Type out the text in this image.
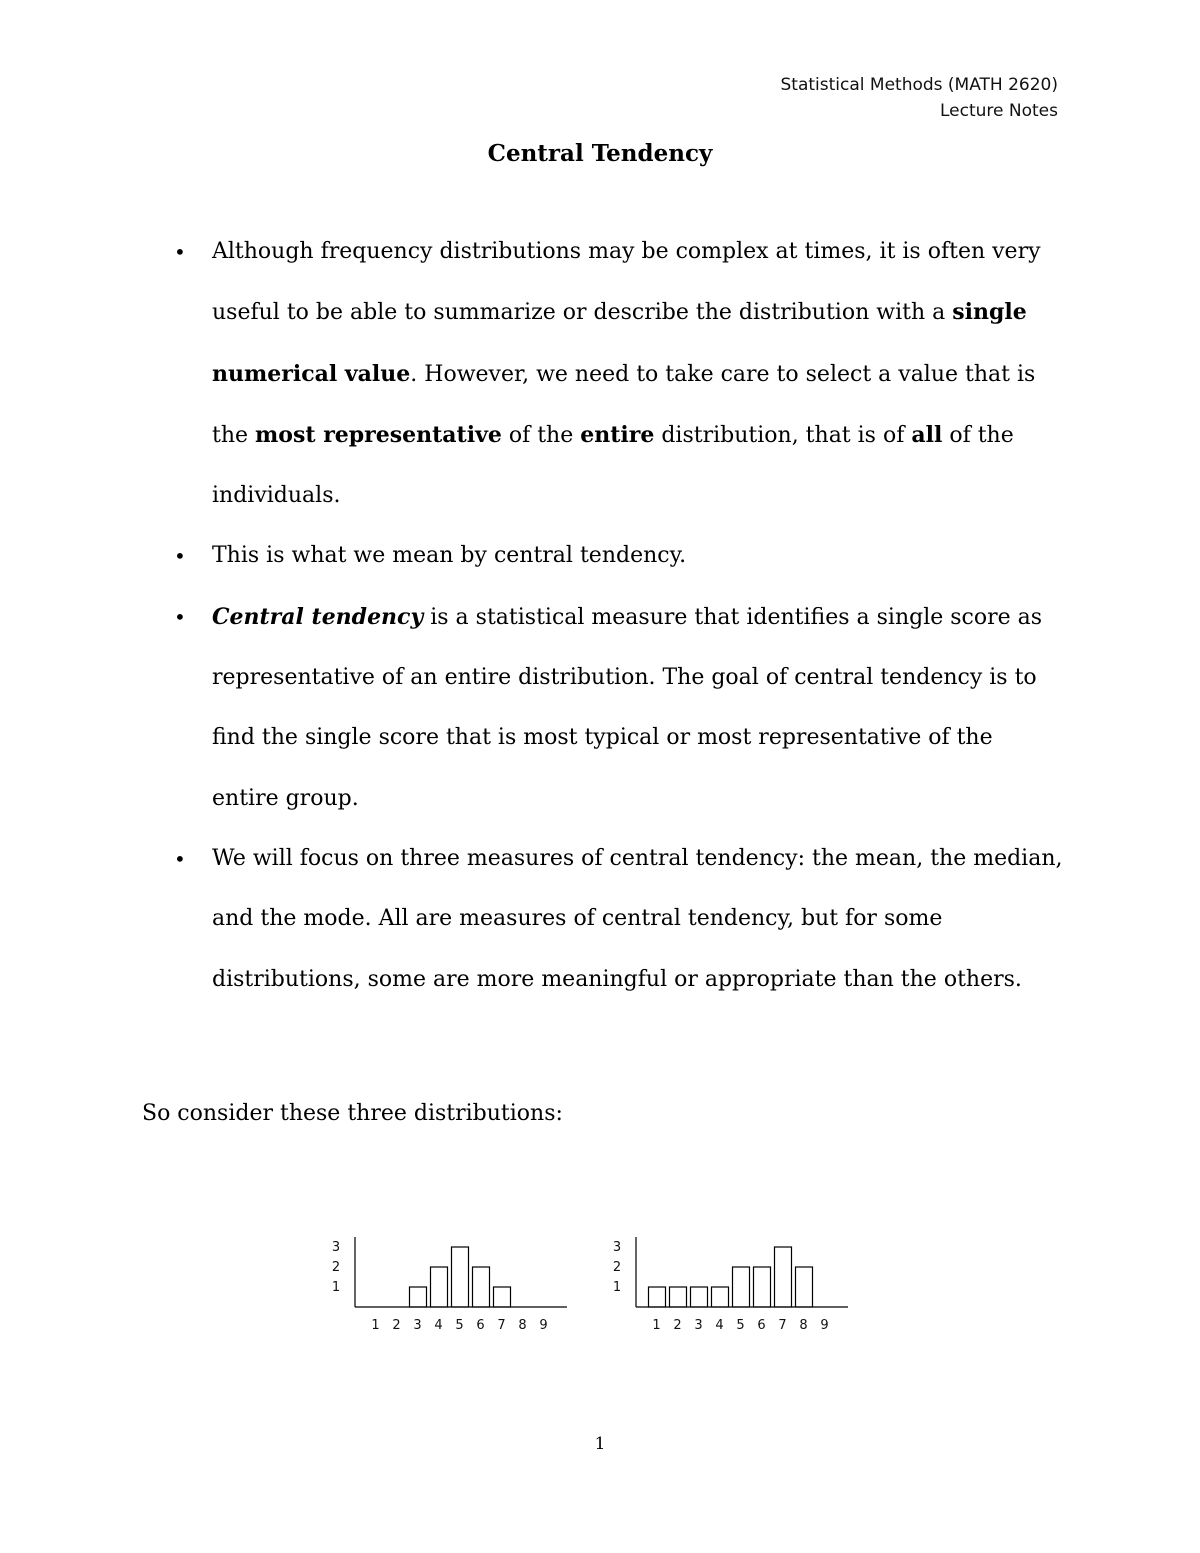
Statistical Methods (MATH 2620)
Lecture Notes
Central Tendency
• Although frequency distributions may be complex at times, it is often very useful to be able to summarize or describe the distribution with a single numerical value. However, we need to take care to select a value that is the most representative of the entire distribution, that is of all of the individuals.
• This is what we mean by central tendency.
• Central tendency is a statistical measure that identifies a single score as representative of an entire distribution. The goal of central tendency is to find the single score that is most typical or most representative of the entire group.
• We will focus on three measures of central tendency: the mean, the median, and the mode. All are measures of central tendency, but for some distributions, some are more meaningful or appropriate than the others.
So consider these three distributions:
1
2
3
1 2 3 4 5 6 7 8 9
1
2
3
1 2 3 4 5 6 7 8 9
1
